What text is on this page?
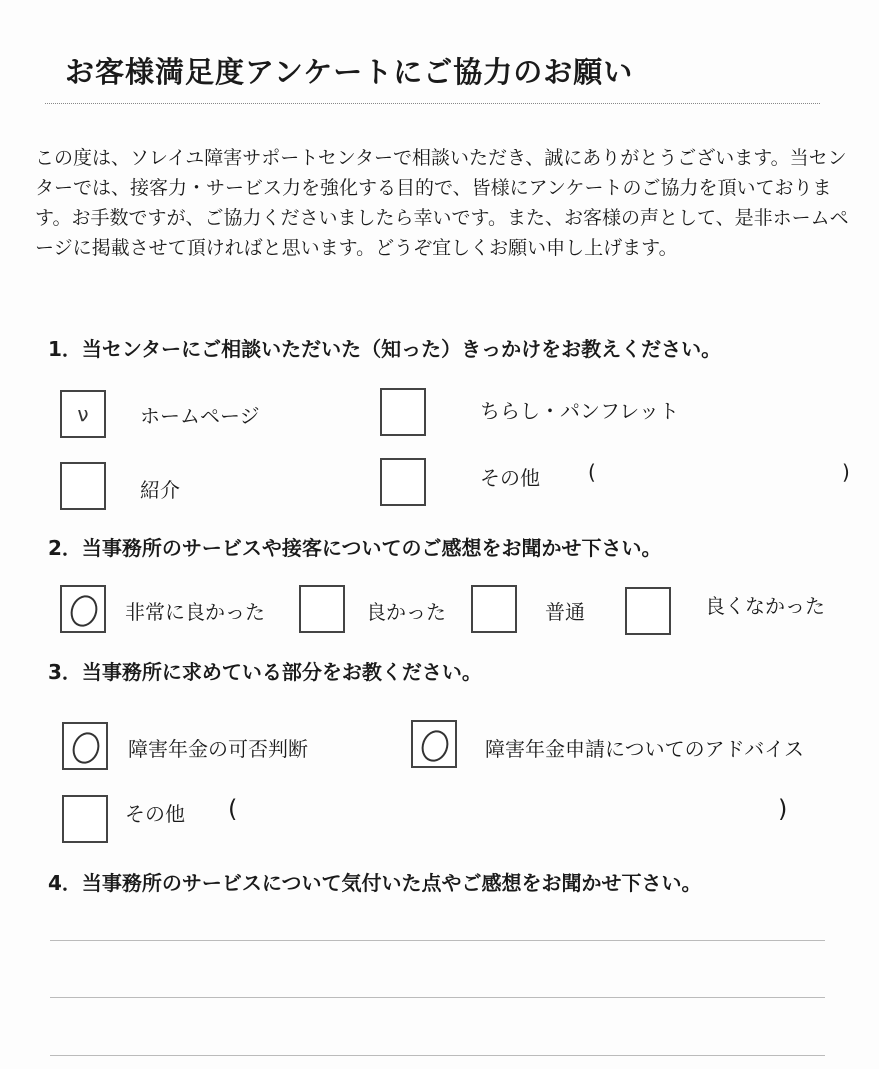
お客様満足度アンケートにご協力のお願い
この度は、ソレイユ障害サポートセンターで相談いただき、誠にありがとうございます。当センターでは、接客力・サービス力を強化する目的で、皆様にアンケートのご協力を頂いております。お手数ですが、ご協力くださいましたら幸いです。また、お客様の声として、是非ホームページに掲載させて頂ければと思います。どうぞ宜しくお願い申し上げます。
1．当センターにご相談いただいた（知った）きっかけをお教えください。
ν	ホームページ	ちらし・パンフレット
紹介	その他 (	)
2．当事務所のサービスや接客についてのご感想をお聞かせ下さい。
非常に良かった	良かった	普通	良くなかった
3．当事務所に求めている部分をお教ください。
障害年金の可否判断	障害年金申請についてのアドバイス
その他 (	)
4．当事務所のサービスについて気付いた点やご感想をお聞かせ下さい。
